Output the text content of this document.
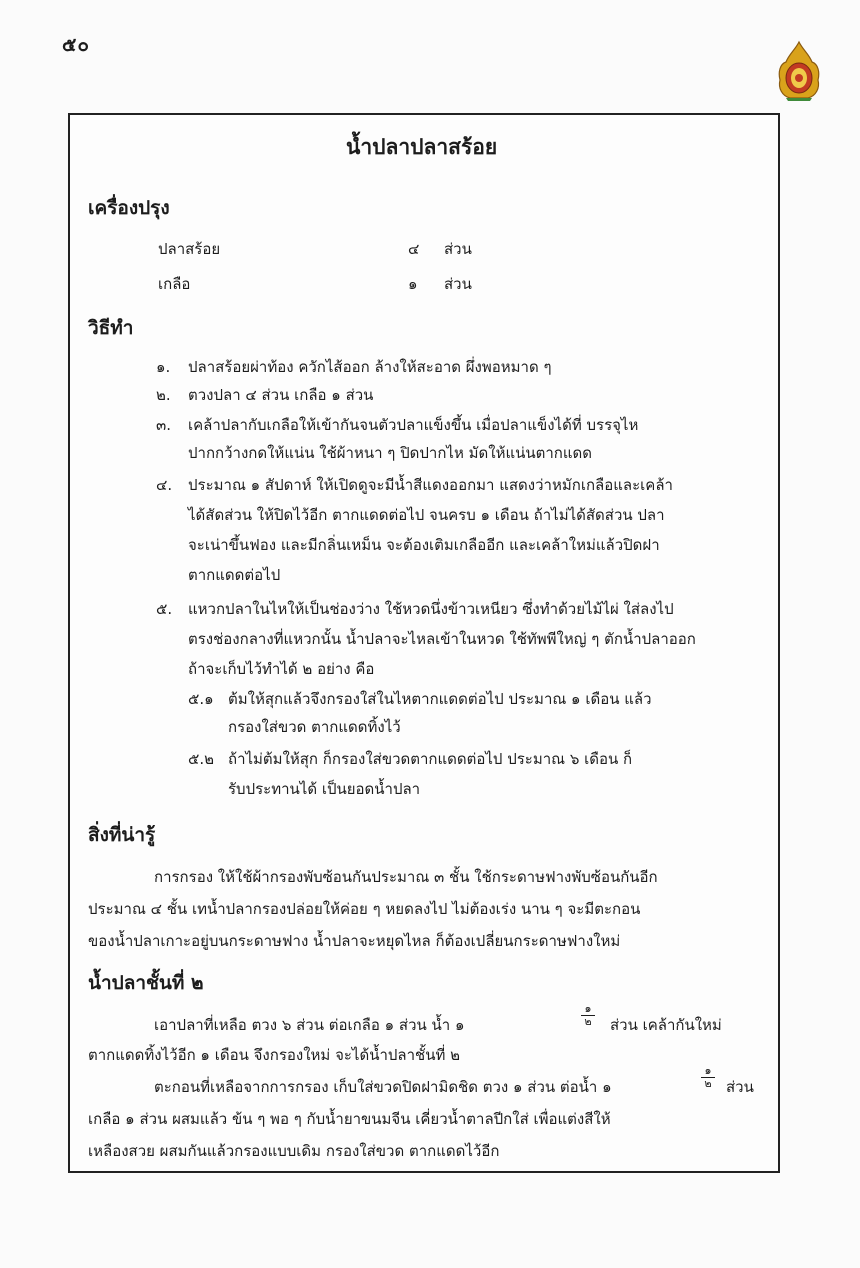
๕๐
น้ำปลาปลาสร้อย
เครื่องปรุง
ปลาสร้อย	๔ ส่วน
เกลือ	๑ ส่วน
วิธีทำ
๑. ปลาสร้อยผ่าท้อง ควักไส้ออก ล้างให้สะอาด ผึ่งพอหมาด ๆ
๒. ตวงปลา ๔ ส่วน เกลือ ๑ ส่วน
๓. เคล้าปลากับเกลือให้เข้ากันจนตัวปลาแข็งขึ้น เมื่อปลาแข็งได้ที่ บรรจุไห
ปากกว้างกดให้แน่น ใช้ผ้าหนา ๆ ปิดปากไห มัดให้แน่นตากแดด
๔. ประมาณ ๑ สัปดาห์ ให้เปิดดูจะมีน้ำสีแดงออกมา แสดงว่าหมักเกลือและเคล้า
ได้สัดส่วน ให้ปิดไว้อีก ตากแดดต่อไป จนครบ ๑ เดือน ถ้าไม่ได้สัดส่วน ปลา
จะเน่าขึ้นฟอง และมีกลิ่นเหม็น จะต้องเติมเกลืออีก และเคล้าใหม่แล้วปิดฝา
ตากแดดต่อไป
๕. แหวกปลาในไหให้เป็นช่องว่าง ใช้หวดนึ่งข้าวเหนียว ซึ่งทำด้วยไม้ไผ่ ใส่ลงไป
ตรงช่องกลางที่แหวกนั้น น้ำปลาจะไหลเข้าในหวด ใช้ทัพพีใหญ่ ๆ ตักน้ำปลาออก
ถ้าจะเก็บไว้ทำได้ ๒ อย่าง คือ
๕.๑ ต้มให้สุกแล้วจึงกรองใส่ในไหตากแดดต่อไป ประมาณ ๑ เดือน แล้ว
กรองใส่ขวด ตากแดดทิ้งไว้
๕.๒ ถ้าไม่ต้มให้สุก ก็กรองใส่ขวดตากแดดต่อไป ประมาณ ๖ เดือน ก็
รับประทานได้ เป็นยอดน้ำปลา
สิ่งที่น่ารู้
การกรอง ให้ใช้ผ้ากรองพับซ้อนกันประมาณ ๓ ชั้น ใช้กระดาษฟางพับซ้อนกันอีก
ประมาณ ๔ ชั้น เทน้ำปลากรองปล่อยให้ค่อย ๆ หยดลงไป ไม่ต้องเร่ง นาน ๆ จะมีตะกอน
ของน้ำปลาเกาะอยู่บนกระดาษฟาง น้ำปลาจะหยุดไหล ก็ต้องเปลี่ยนกระดาษฟางใหม่
น้ำปลาชั้นที่ ๒
เอาปลาที่เหลือ ตวง ๖ ส่วน ต่อเกลือ ๑ ส่วน น้ำ ๑
๑
๒ ส่วน เคล้ากันใหม่
ตากแดดทิ้งไว้อีก ๑ เดือน จึงกรองใหม่ จะได้น้ำปลาชั้นที่ ๒
ตะกอนที่เหลือจากการกรอง เก็บใส่ขวดปิดฝามิดชิด ตวง ๑ ส่วน ต่อน้ำ ๑
๑
๒ ส่วน
เกลือ ๑ ส่วน ผสมแล้ว ข้น ๆ พอ ๆ กับน้ำยาขนมจีน เคี่ยวน้ำตาลปีกใส่ เพื่อแต่งสีให้
เหลืองสวย ผสมกันแล้วกรองแบบเดิม กรองใส่ขวด ตากแดดไว้อีก
